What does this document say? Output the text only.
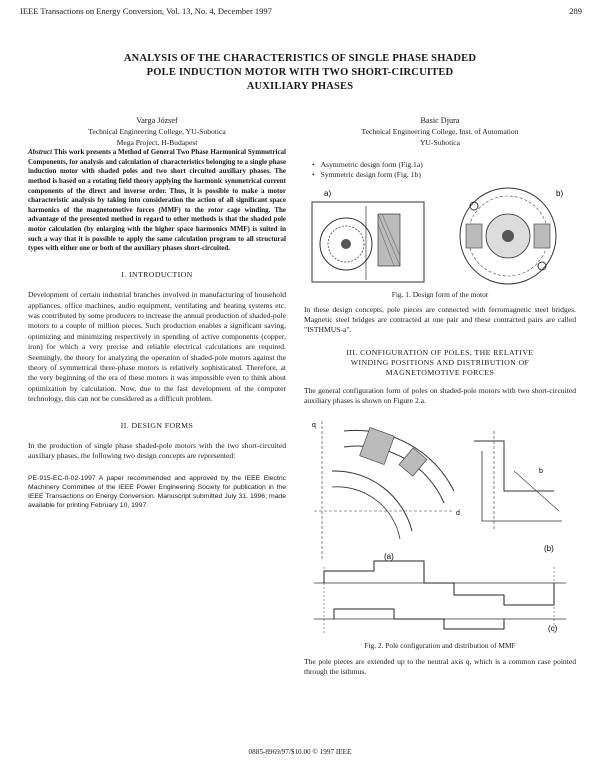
IEEE Transactions on Energy Conversion, Vol. 13, No. 4, December 1997	289
ANALYSIS OF THE CHARACTERISTICS OF SINGLE PHASE SHADED
POLE INDUCTION MOTOR WITH TWO SHORT-CIRCUITED
AUXILIARY PHASES
Varga József
Technical Engineering College, YU-Subotica
Mega Project, H-Budapest

Abstract This work presents a Method of General Two Phase Harmonical Symmetrical Components, for analysis and calculation of characteristics belonging to a single phase induction motor with shaded poles and two short circuited auxiliary phases. The method is based on a rotating field theory applying the harmonic symmetrical current components of the direct and inverse order. Thus, it is possible to make a motor characteristic analysis by taking into consideration the action of all significant space harmonics of the magnetomotive forces (MMF) to the rotor cage winding. The advantage of the presented method in regard to other methods is that the shaded pole motor calculation (by enlarging with the higher space harmonics MMF) is suited in such a way that it is possible to apply the same calculation program to all structural types with either one or both of the auxiliary phases short-circuited.

I. INTRODUCTION

Development of certain industrial branches involved in manufacturing of household appliances, office machines, audio equipment, ventilating and heating systems etc. was contributed by some producers to increase the annual production of shaded-pole motors to a couple of million pieces. Such production enables a significant saving, optimizing and minimizing respectively in spending of active components (copper, iron) for which a very precise and reliable electrical calculations are required. Seemingly, the theory for analyzing the operation of shaded-pole motors against the theory of symmetrical three-phase motors is relatively sophisticated. Therefore, at the very beginning of the era of these motors it was impossible even to think about optimization by calculation. Now, due to the fast development of the computer technology, this can not be considered as a difficult problem.

II. DESIGN FORMS

In the production of single phase shaded-pole motors with the two short-circuited auxiliary phases, the following two design concepts are represented:

PE-915-EC-0-02-1997 A paper recommended and approved by the IEEE Electric Machinery Committee of the IEEE Power Engineering Society for publication in the IEEE Transactions on Energy Conversion. Manuscript submitted July 31, 1996; made available for printing February 10, 1997.

Basic Djura
Technical Engineering College, Inst. of Automation
YU-Subotica
• Asymmetric design form (Fig.1a)
• Symmetric design form (Fig. 1b)
a)	b)
Fig. 1. Design form of the motor

In these design concepts, pole pieces are connected with ferromagnetic steel bridges. Magnetic steel bridges are contracted at one pair and these contracted pairs are called "ISTHMUS-a".

III. CONFIGURATION OF POLES, THE RELATIVE
WINDING POSITIONS AND DISTRIBUTION OF
MAGNETOMOTIVE FORCES

The general configuration form of poles on shaded-pole motors with two short-circuited auxiliary phases is shown on Figure 2.a.

q
d
(a)
b
(b)
(c)
Fig. 2. Pole configuration and distribution of MMF

The pole pieces are extended up to the neutral axis q, which is a common case pointed through the isthmus.

0885-8969/97/$10.00 © 1997 IEEE
